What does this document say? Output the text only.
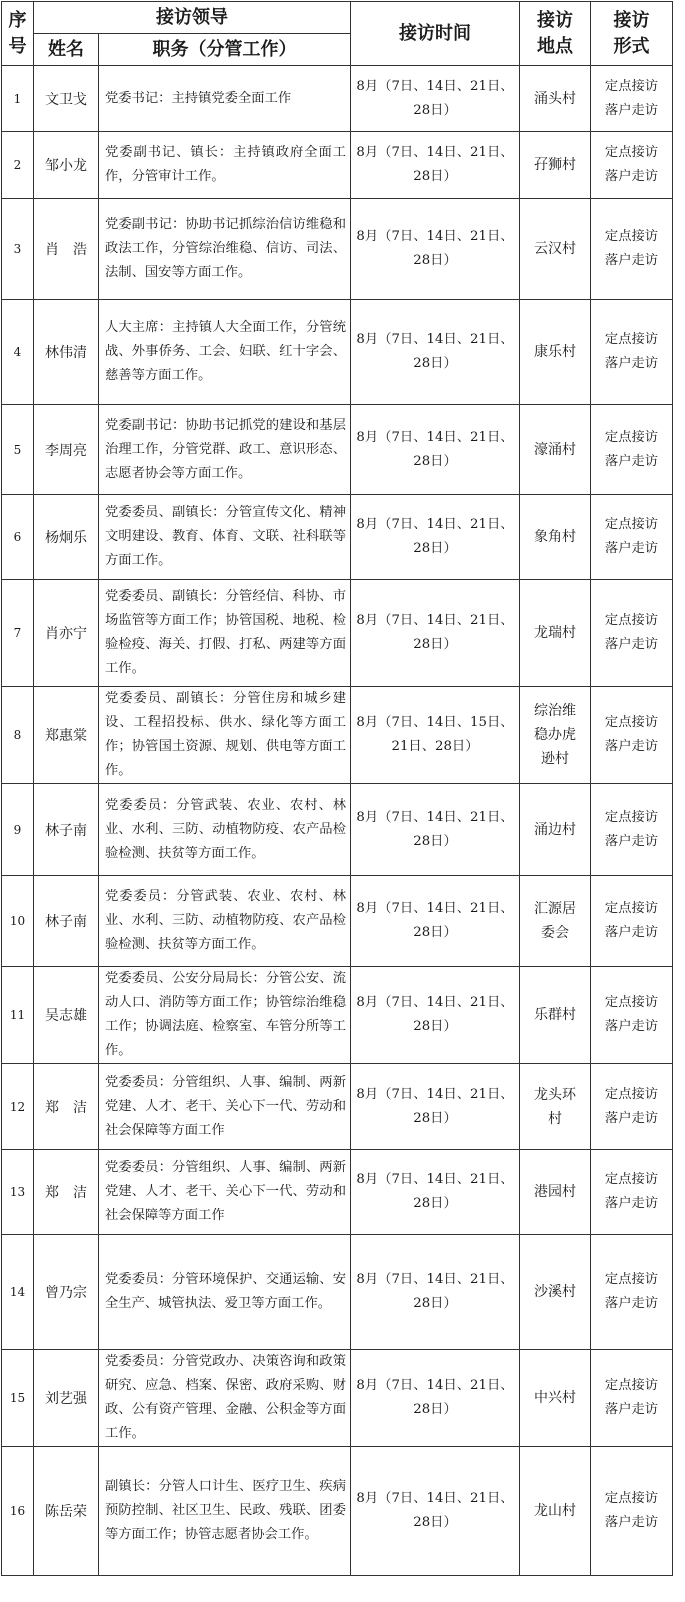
序号	接访领导		接访时间	接访地点	接访形式
	姓名	职务（分管工作）			
1	文卫戈	党委书记：主持镇党委全面工作	8月（7日、14日、21日、28日）	涌头村	定点接访落户走访
2	邹小龙	党委副书记、镇长：主持镇政府全面工作，分管审计工作。	8月（7日、14日、21日、28日）	孖狮村	定点接访落户走访
3	肖　浩	党委副书记：协助书记抓综治信访维稳和政法工作，分管综治维稳、信访、司法、法制、国安等方面工作。	8月（7日、14日、21日、28日）	云汉村	定点接访落户走访
4	林伟清	人大主席：主持镇人大全面工作，分管统战、外事侨务、工会、妇联、红十字会、慈善等方面工作。	8月（7日、14日、21日、28日）	康乐村	定点接访落户走访
5	李周亮	党委副书记：协助书记抓党的建设和基层治理工作，分管党群、政工、意识形态、志愿者协会等方面工作。	8月（7日、14日、21日、28日）	濠涌村	定点接访落户走访
6	杨炯乐	党委委员、副镇长：分管宣传文化、精神文明建设、教育、体育、文联、社科联等方面工作。	8月（7日、14日、21日、28日）	象角村	定点接访落户走访
7	肖亦宁	党委委员、副镇长：分管经信、科协、市场监管等方面工作；协管国税、地税、检验检疫、海关、打假、打私、两建等方面工作。	8月（7日、14日、21日、28日）	龙瑞村	定点接访落户走访
8	郑惠棠	党委委员、副镇长：分管住房和城乡建设、工程招投标、供水、绿化等方面工作；协管国土资源、规划、供电等方面工作。	8月（7日、14日、15日、21日、28日）	综治维稳办虎逊村	定点接访落户走访
9	林子南	党委委员：分管武装、农业、农村、林业、水利、三防、动植物防疫、农产品检验检测、扶贫等方面工作。	8月（7日、14日、21日、28日）	涌边村	定点接访落户走访
10	林子南	党委委员：分管武装、农业、农村、林业、水利、三防、动植物防疫、农产品检验检测、扶贫等方面工作。	8月（7日、14日、21日、28日）	汇源居委会	定点接访落户走访
11	吴志雄	党委委员、公安分局局长：分管公安、流动人口、消防等方面工作；协管综治维稳工作；协调法庭、检察室、车管分所等工作。	8月（7日、14日、21日、28日）	乐群村	定点接访落户走访
12	郑　洁	党委委员：分管组织、人事、编制、两新党建、人才、老干、关心下一代、劳动和社会保障等方面工作	8月（7日、14日、21日、28日）	龙头环村	定点接访落户走访
13	郑　洁	党委委员：分管组织、人事、编制、两新党建、人才、老干、关心下一代、劳动和社会保障等方面工作	8月（7日、14日、21日、28日）	港园村	定点接访落户走访
14	曾乃宗	党委委员：分管环境保护、交通运输、安全生产、城管执法、爱卫等方面工作。	8月（7日、14日、21日、28日）	沙溪村	定点接访落户走访
15	刘艺强	党委委员：分管党政办、决策咨询和政策研究、应急、档案、保密、政府采购、财政、公有资产管理、金融、公积金等方面工作。	8月（7日、14日、21日、28日）	中兴村	定点接访落户走访
16	陈岳荣	副镇长：分管人口计生、医疗卫生、疾病预防控制、社区卫生、民政、残联、团委等方面工作；协管志愿者协会工作。	8月（7日、14日、21日、28日）	龙山村	定点接访落户走访
